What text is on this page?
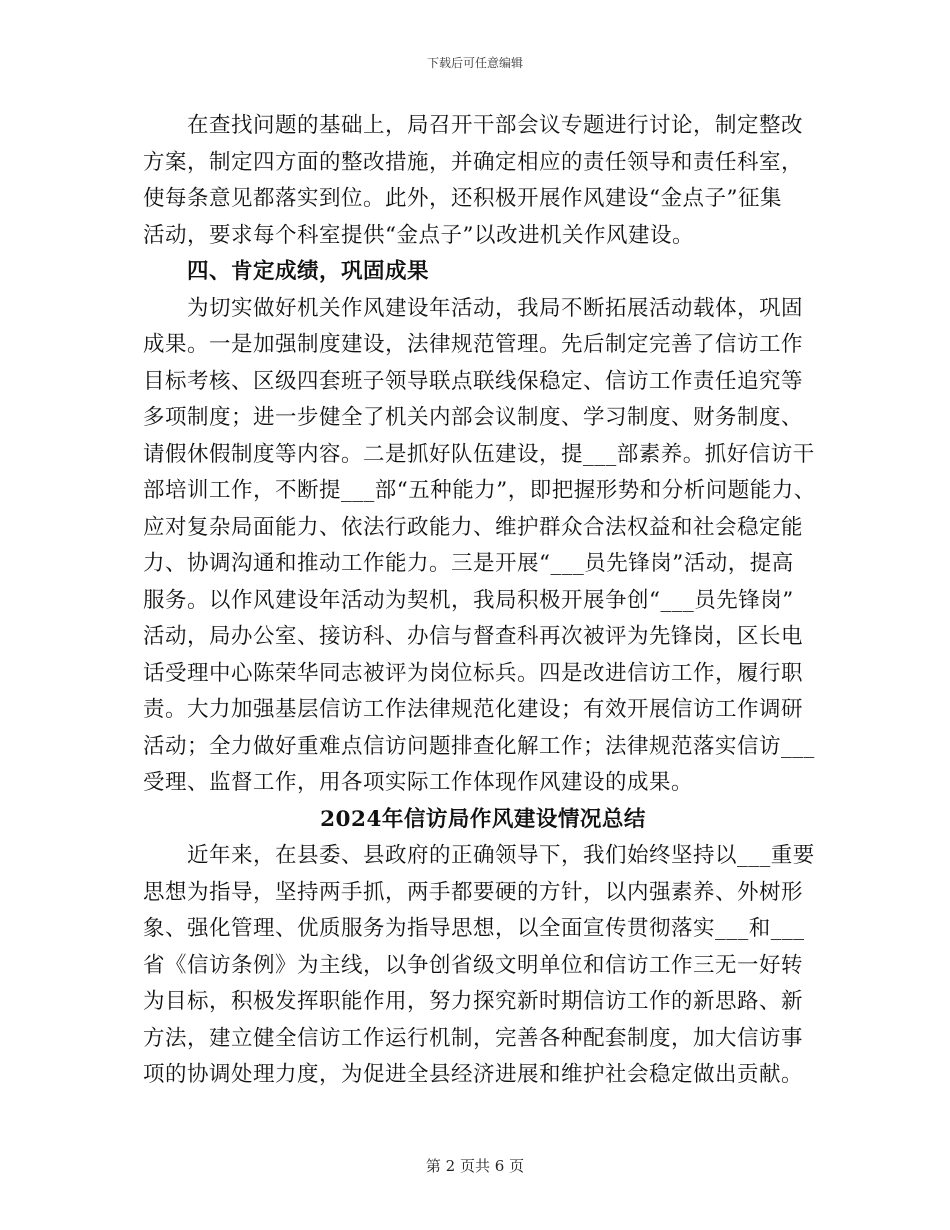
下载后可任意编辑
在查找问题的基础上，局召开干部会议专题进行讨论，制定整改
方案，制定四方面的整改措施，并确定相应的责任领导和责任科室，
使每条意见都落实到位。此外，还积极开展作风建设“金点子”征集
活动，要求每个科室提供“金点子”以改进机关作风建设。
四、肯定成绩，巩固成果
为切实做好机关作风建设年活动，我局不断拓展活动载体，巩固
成果。一是加强制度建设，法律规范管理。先后制定完善了信访工作
目标考核、区级四套班子领导联点联线保稳定、信访工作责任追究等
多项制度；进一步健全了机关内部会议制度、学习制度、财务制度、
请假休假制度等内容。二是抓好队伍建设，提___部素养。抓好信访干
部培训工作，不断提___部“五种能力”，即把握形势和分析问题能力、
应对复杂局面能力、依法行政能力、维护群众合法权益和社会稳定能
力、协调沟通和推动工作能力。三是开展“___员先锋岗”活动，提高
服务。以作风建设年活动为契机，我局积极开展争创“___员先锋岗”
活动，局办公室、接访科、办信与督查科再次被评为先锋岗，区长电
话受理中心陈荣华同志被评为岗位标兵。四是改进信访工作，履行职
责。大力加强基层信访工作法律规范化建设；有效开展信访工作调研
活动；全力做好重难点信访问题排查化解工作；法律规范落实信访___
受理、监督工作，用各项实际工作体现作风建设的成果。
2024年信访局作风建设情况总结
近年来，在县委、县政府的正确领导下，我们始终坚持以___重要
思想为指导，坚持两手抓，两手都要硬的方针，以内强素养、外树形
象、强化管理、优质服务为指导思想，以全面宣传贯彻落实___和___
省《信访条例》为主线，以争创省级文明单位和信访工作三无一好转
为目标，积极发挥职能作用，努力探究新时期信访工作的新思路、新
方法，建立健全信访工作运行机制，完善各种配套制度，加大信访事
项的协调处理力度，为促进全县经济进展和维护社会稳定做出贡献。
第 2 页共 6 页
